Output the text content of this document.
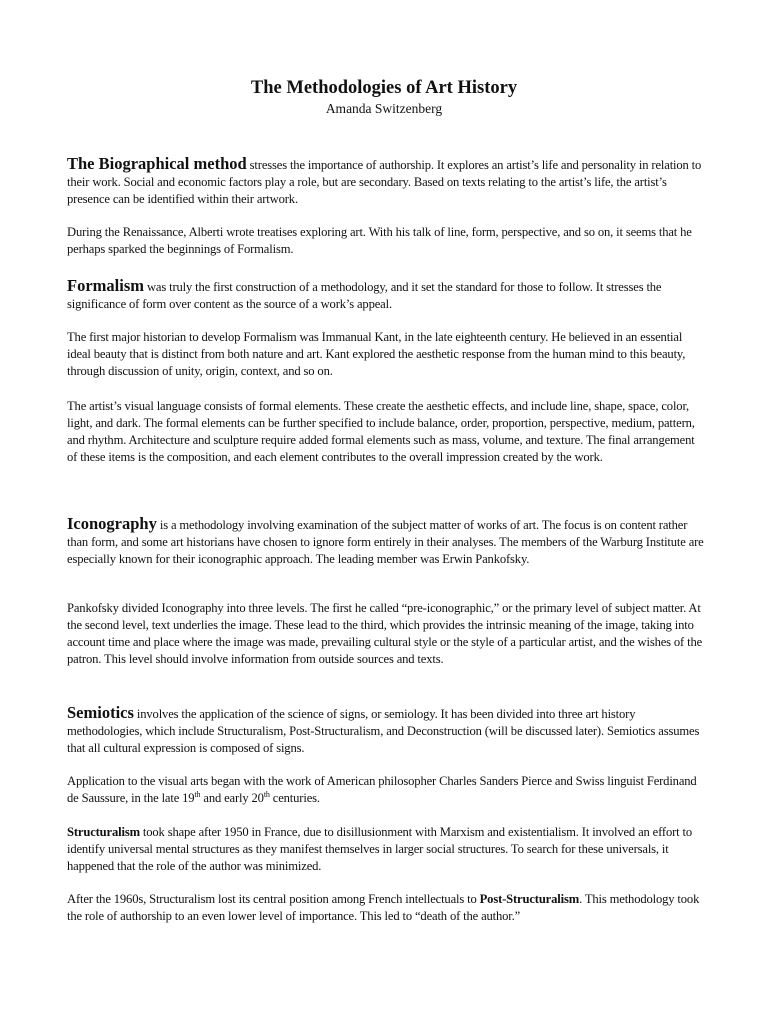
The Methodologies of Art History
Amanda Switzenberg
The Biographical method stresses the importance of authorship. It explores an artist’s life and personality in relation to their work. Social and economic factors play a role, but are secondary. Based on texts relating to the artist’s life, the artist’s presence can be identified within their artwork.
During the Renaissance, Alberti wrote treatises exploring art. With his talk of line, form, perspective, and so on, it seems that he perhaps sparked the beginnings of Formalism.
Formalism was truly the first construction of a methodology, and it set the standard for those to follow. It stresses the significance of form over content as the source of a work’s appeal.
The first major historian to develop Formalism was Immanual Kant, in the late eighteenth century. He believed in an essential ideal beauty that is distinct from both nature and art. Kant explored the aesthetic response from the human mind to this beauty, through discussion of unity, origin, context, and so on.
The artist’s visual language consists of formal elements. These create the aesthetic effects, and include line, shape, space, color, light, and dark. The formal elements can be further specified to include balance, order, proportion, perspective, medium, pattern, and rhythm. Architecture and sculpture require added formal elements such as mass, volume, and texture. The final arrangement of these items is the composition, and each element contributes to the overall impression created by the work.
Iconography is a methodology involving examination of the subject matter of works of art. The focus is on content rather than form, and some art historians have chosen to ignore form entirely in their analyses. The members of the Warburg Institute are especially known for their iconographic approach. The leading member was Erwin Pankofsky.
Pankofsky divided Iconography into three levels. The first he called “pre-iconographic,” or the primary level of subject matter. At the second level, text underlies the image. These lead to the third, which provides the intrinsic meaning of the image, taking into account time and place where the image was made, prevailing cultural style or the style of a particular artist, and the wishes of the patron. This level should involve information from outside sources and texts.
Semiotics involves the application of the science of signs, or semiology. It has been divided into three art history methodologies, which include Structuralism, Post-Structuralism, and Deconstruction (will be discussed later). Semiotics assumes that all cultural expression is composed of signs.
Application to the visual arts began with the work of American philosopher Charles Sanders Pierce and Swiss linguist Ferdinand de Saussure, in the late 19th and early 20th centuries.
Structuralism took shape after 1950 in France, due to disillusionment with Marxism and existentialism. It involved an effort to identify universal mental structures as they manifest themselves in larger social structures. To search for these universals, it happened that the role of the author was minimized.
After the 1960s, Structuralism lost its central position among French intellectuals to Post-Structuralism. This methodology took the role of authorship to an even lower level of importance. This led to “death of the author.”
